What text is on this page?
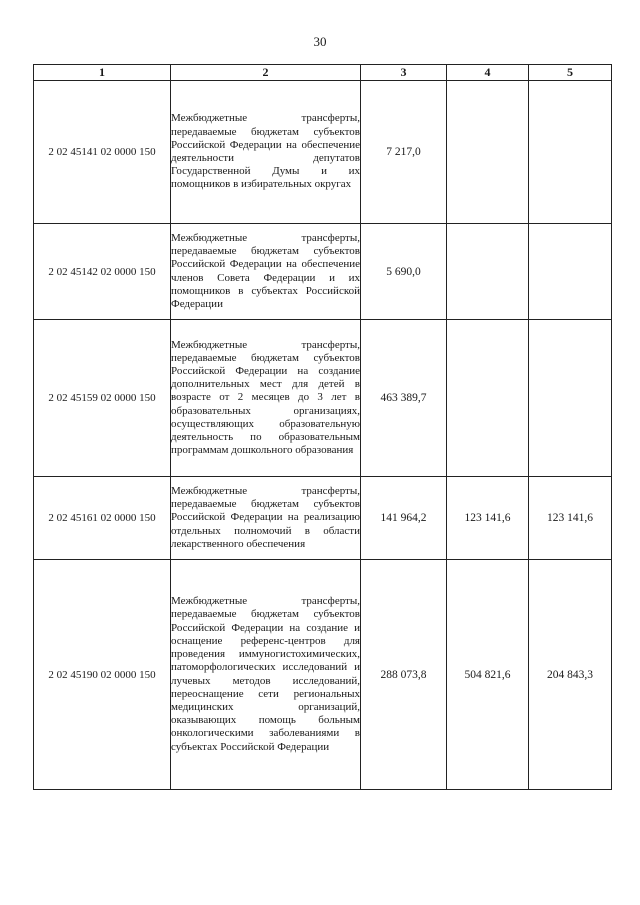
30
1	2	3	4	5
2 02 45141 02 0000 150	Межбюджетные трансферты, передаваемые бюджетам субъектов Российской Федерации на обеспечение деятельности депутатов Государственной Думы и их помощников в избирательных округах	7 217,0		
2 02 45142 02 0000 150	Межбюджетные трансферты, передаваемые бюджетам субъектов Российской Федерации на обеспечение членов Совета Федерации и их помощников в субъектах Российской Федерации	5 690,0		
2 02 45159 02 0000 150	Межбюджетные трансферты, передаваемые бюджетам субъектов Российской Федерации на создание дополнительных мест для детей в возрасте от 2 месяцев до 3 лет в образовательных организациях, осуществляющих образовательную деятельность по образовательным программам дошкольного образования	463 389,7		
2 02 45161 02 0000 150	Межбюджетные трансферты, передаваемые бюджетам субъектов Российской Федерации на реализацию отдельных полномочий в области лекарственного обеспечения	141 964,2	123 141,6	123 141,6
2 02 45190 02 0000 150	Межбюджетные трансферты, передаваемые бюджетам субъектов Российской Федерации на создание и оснащение референс-центров для проведения иммуногистохимических, патоморфологических исследований и лучевых методов исследований, переоснащение сети региональных медицинских организаций, оказывающих помощь больным онкологическими заболеваниями в субъектах Российской Федерации	288 073,8	504 821,6	204 843,3
